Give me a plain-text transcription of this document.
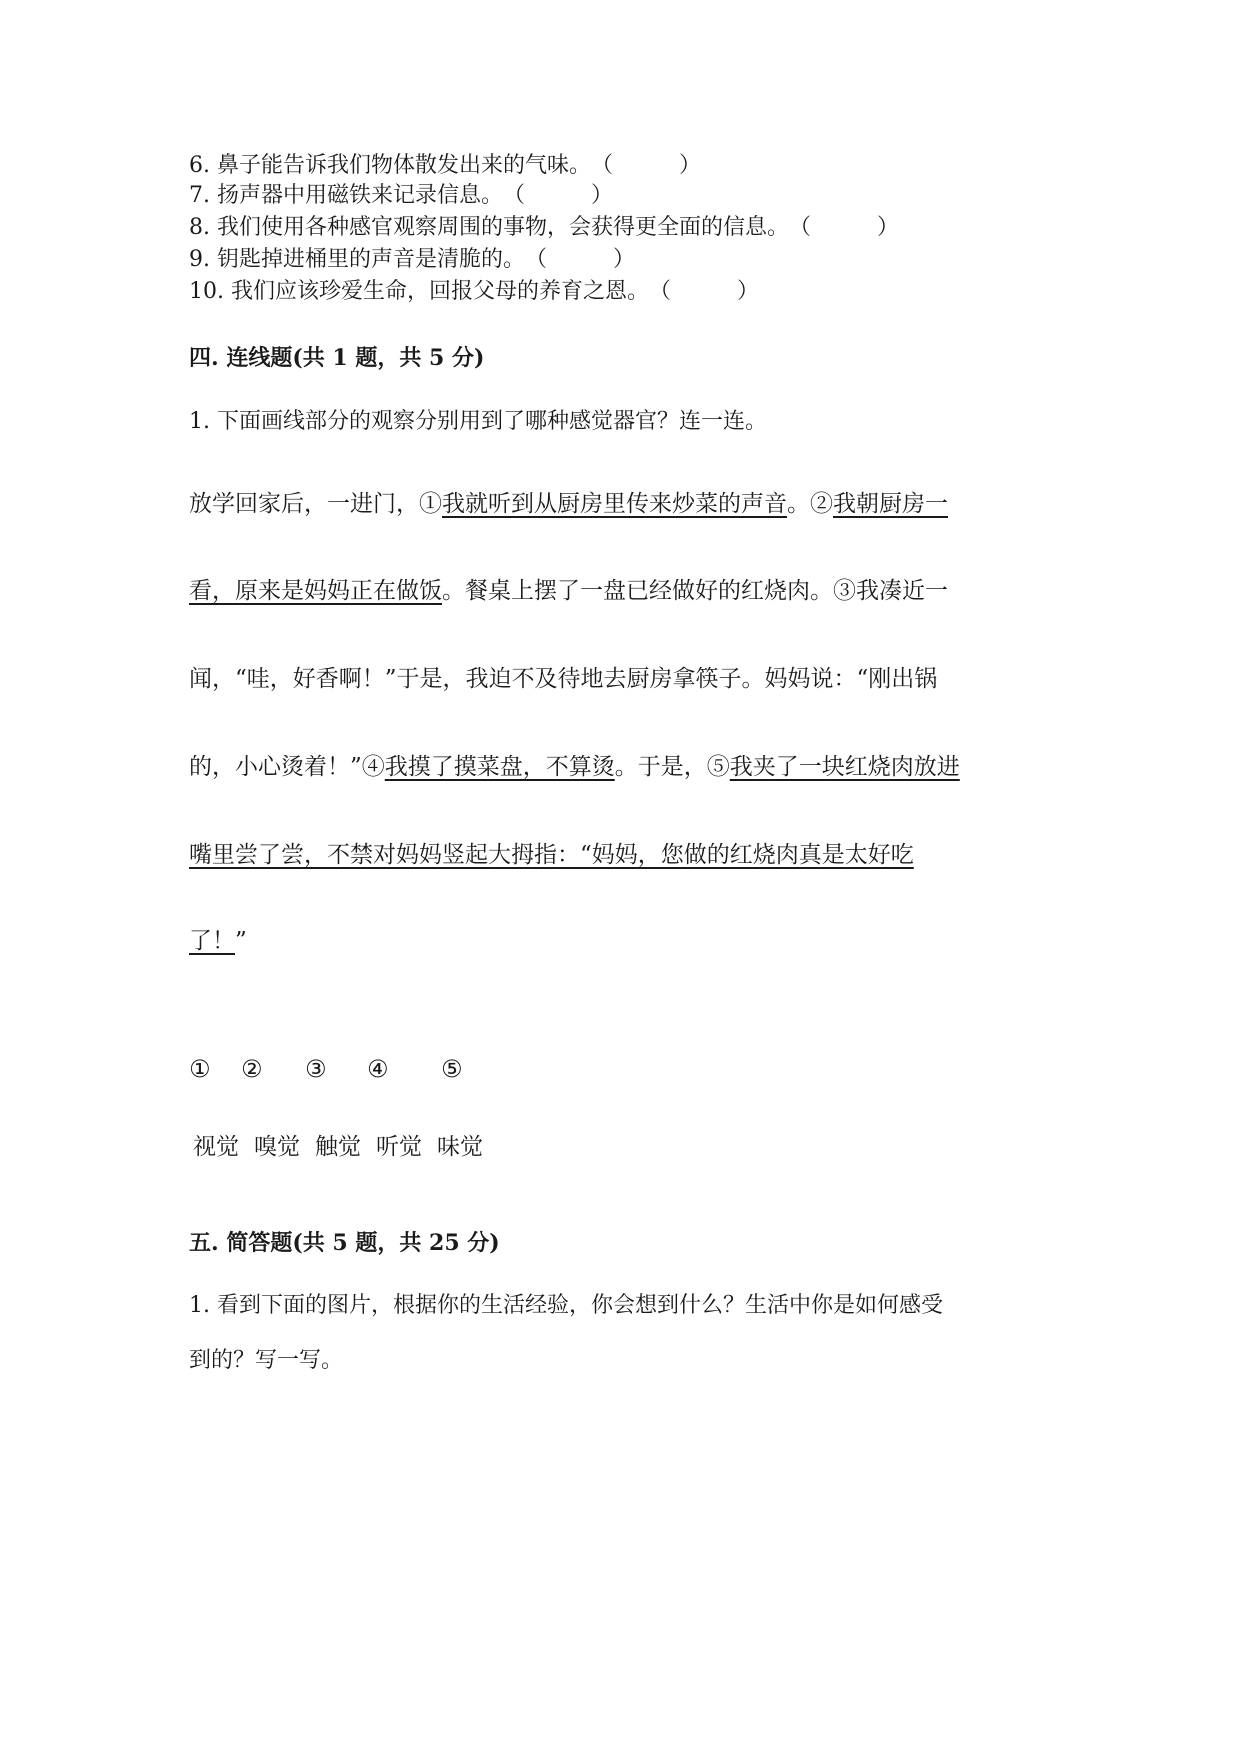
6. 鼻子能告诉我们物体散发出来的气味。（　　　）
7. 扬声器中用磁铁来记录信息。（　　　）
8. 我们使用各种感官观察周围的事物，会获得更全面的信息。（　　　）
9. 钥匙掉进桶里的声音是清脆的。（　　　）
10. 我们应该珍爱生命，回报父母的养育之恩。（　　　）
四. 连线题(共 1 题，共 5 分)
1. 下面画线部分的观察分别用到了哪种感觉器官？连一连。
放学回家后，一进门，①我就听到从厨房里传来炒菜的声音。②我朝厨房一
看，原来是妈妈正在做饭。餐桌上摆了一盘已经做好的红烧肉。③我凑近一
闻，“哇，好香啊！”于是，我迫不及待地去厨房拿筷子。妈妈说：“刚出锅
的，小心烫着！”④我摸了摸菜盘，不算烫。于是，⑤我夹了一块红烧肉放进
嘴里尝了尝，不禁对妈妈竖起大拇指：“妈妈，您做的红烧肉真是太好吃
了！”
① ② ③ ④ ⑤
视觉 嗅觉 触觉 听觉 味觉
五. 简答题(共 5 题，共 25 分)
1. 看到下面的图片，根据你的生活经验，你会想到什么？生活中你是如何感受
到的？写一写。
